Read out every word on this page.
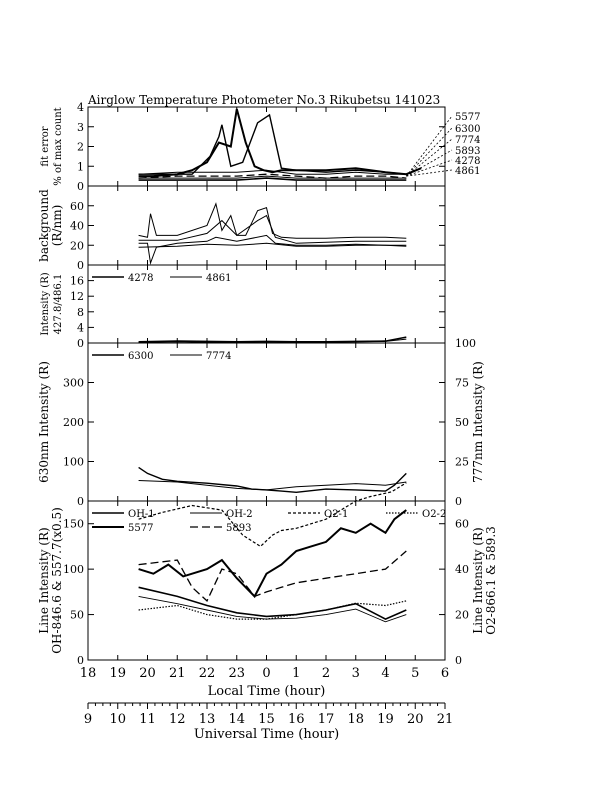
Airglow Temperature Photometer No.3 Rikubetsu 141023
0
1
2
3
4
fit error % of max count	5577
6300
7774
5893
4278
4861
0
20
40
60
background (R/nm)
0
4
8
12
16
Intensity (R) 427.8/486.1	4278	4861
0
100
200
300
0
25
50
75
100
630nm Intensity (R)	777nm Intensity (R)
6300	7774
0
50
100
150
0
20
40
60
Line Intensity (R) OH-846.6 & 557.7(x0.5)	Line Intensity (R) O2-866.1 & 589.3
OH-1	OH-2	O2-1	O2-2
5577	5893
18 19 20 21 22 23 0 1 2 3 4 5 6
Local Time (hour)
9 10 11 12 13 14 15 16 17 18 19 20 21
Universal Time (hour)
